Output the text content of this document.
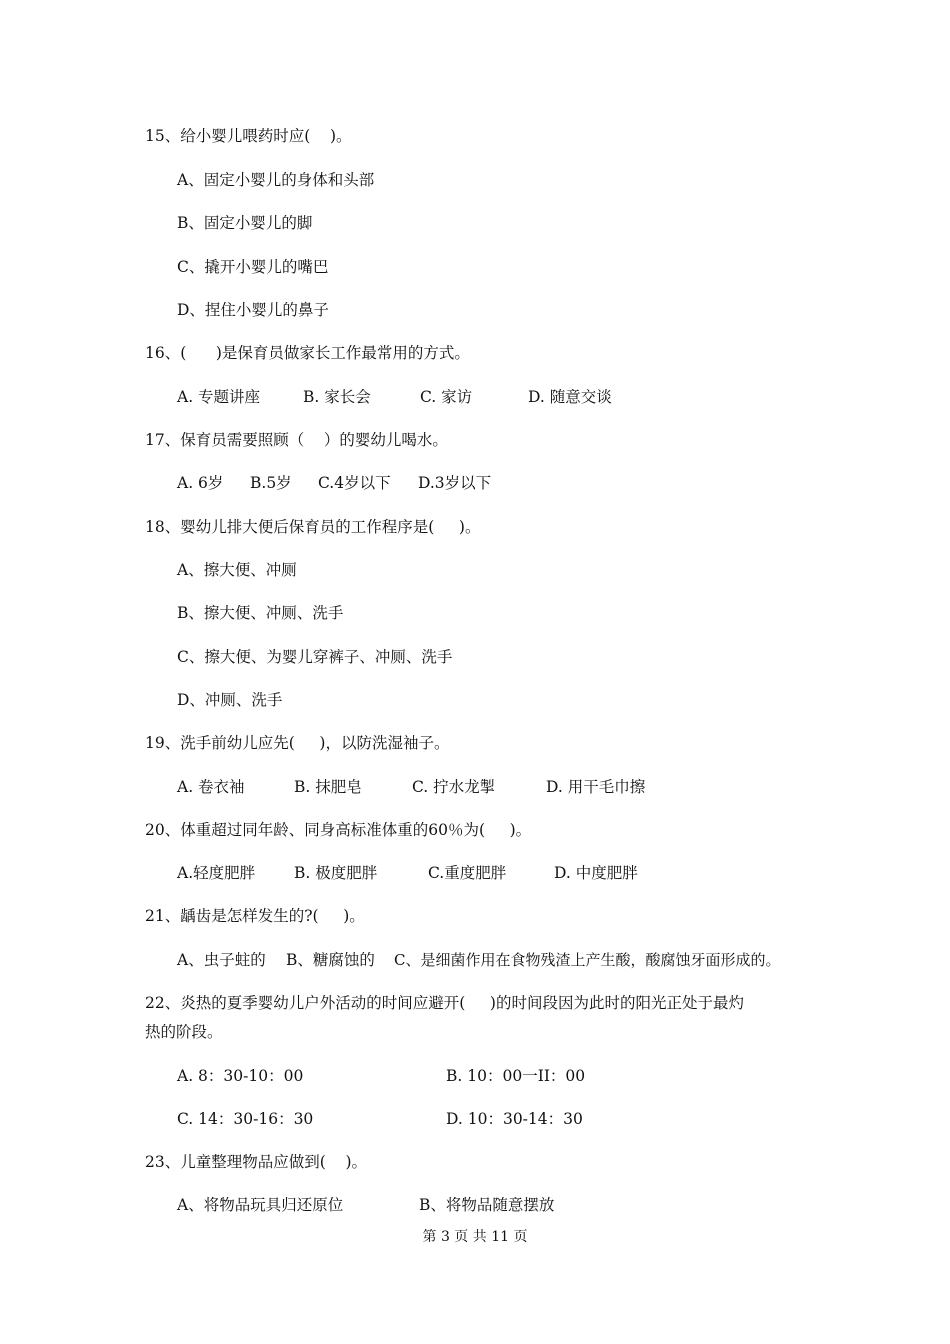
15、给小婴儿喂药时应(    )。
A、固定小婴儿的身体和头部
B、固定小婴儿的脚
C、撬开小婴儿的嘴巴
D、捏住小婴儿的鼻子
16、(      )是保育员做家长工作最常用的方式。
A. 专题讲座	B. 家长会	C. 家访	D. 随意交谈
17、保育员需要照顾（    ）的婴幼儿喝水。
A. 6岁 B.5岁 C.4岁以下 D.3岁以下
18、婴幼儿排大便后保育员的工作程序是(     )。
A、擦大便、冲厕
B、擦大便、冲厕、洗手
C、擦大便、为婴儿穿裤子、冲厕、洗手
D、冲厕、洗手
19、洗手前幼儿应先(     )，以防洗湿袖子。
A. 卷衣袖	B. 抹肥皂	C. 拧水龙掣	D. 用干毛巾擦
20、体重超过同年龄、同身高标准体重的60％为(     )。
A.轻度肥胖	B. 极度肥胖	C.重度肥胖	D. 中度肥胖
21、龋齿是怎样发生的?(     )。
A、虫子蛀的 B、糖腐蚀的 C、是细菌作用在食物残渣上产生酸，酸腐蚀牙面形成的。
22、炎热的夏季婴幼儿户外活动的时间应避开(     )的时间段因为此时的阳光正处于最灼
热的阶段。
A. 8：30-10：00	B. 10：00一II：00
C. 14：30-16：30	D. 10：30-14：30
23、儿童整理物品应做到(    )。
A、将物品玩具归还原位	B、将物品随意摆放
第 3 页 共 11 页
